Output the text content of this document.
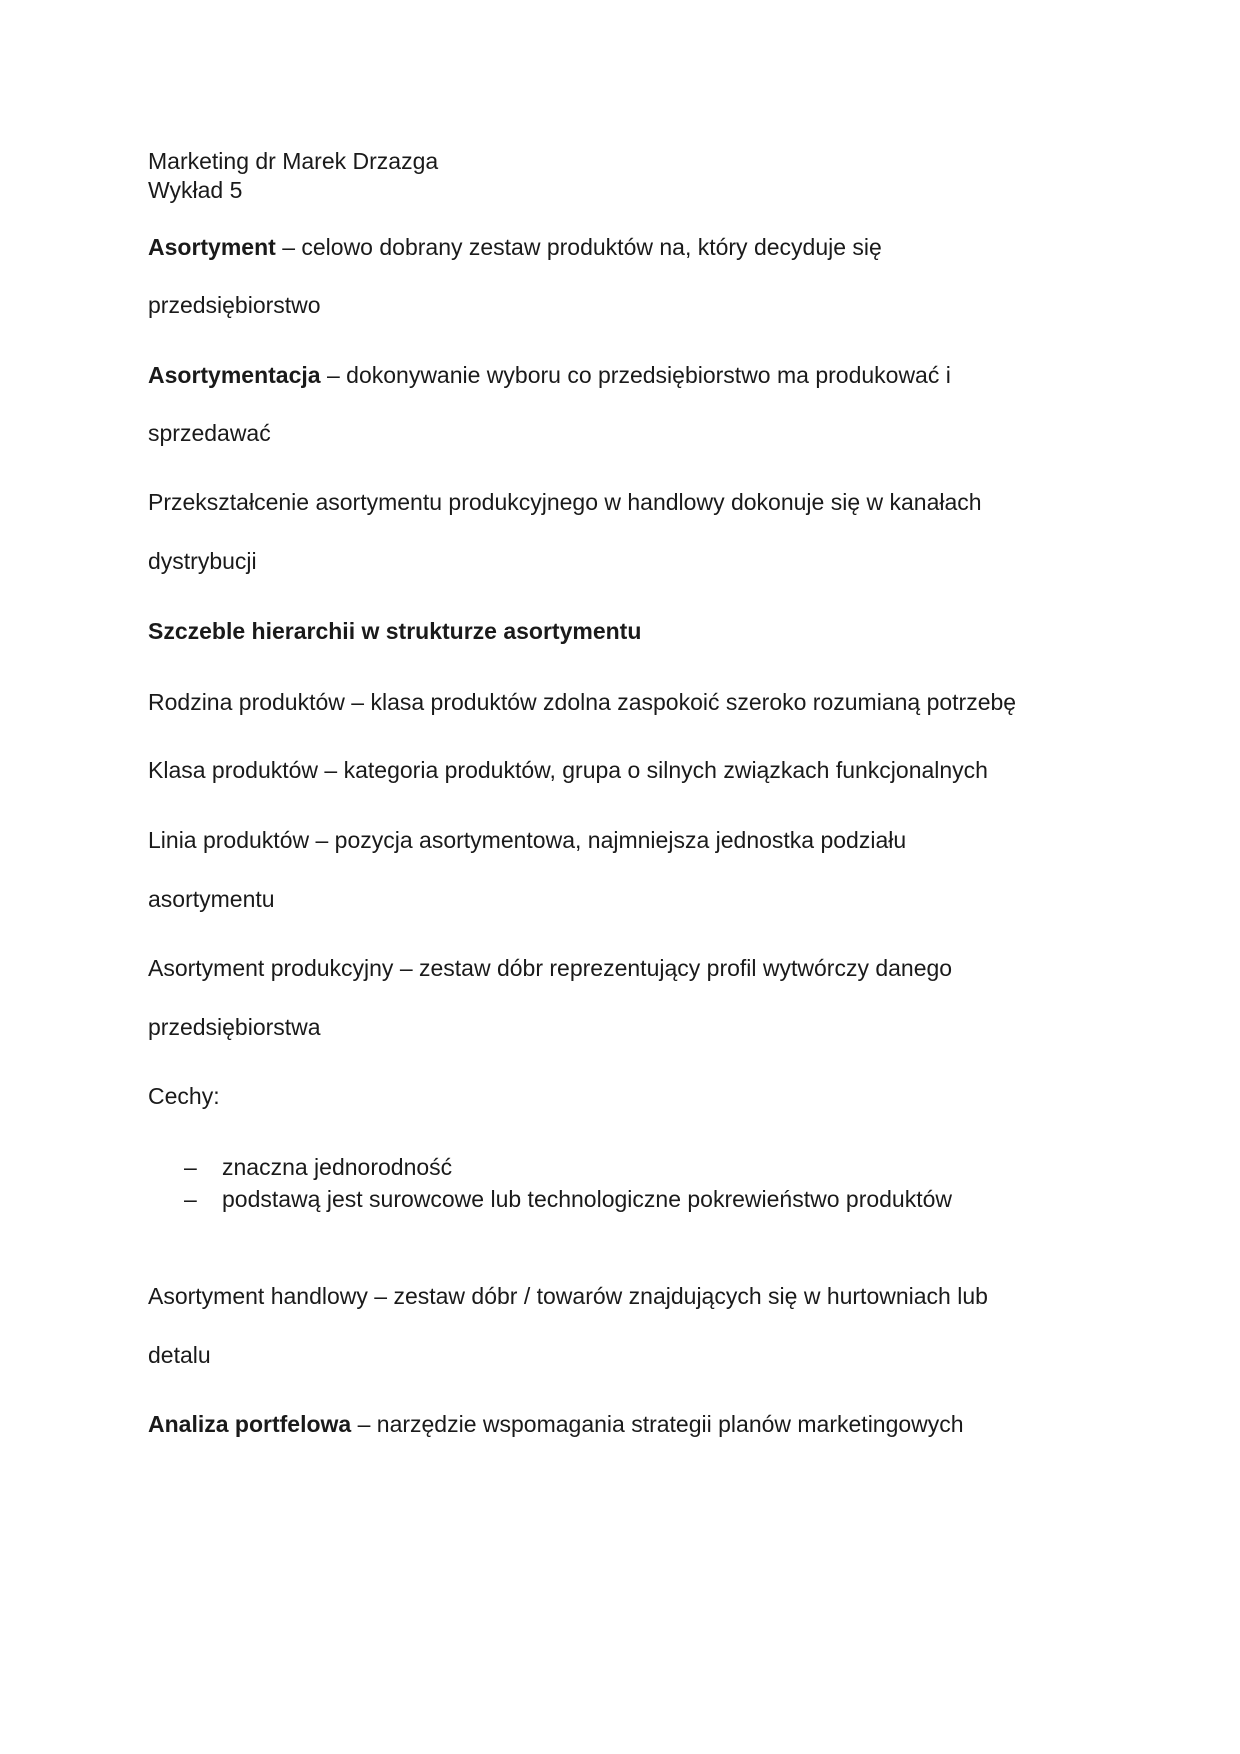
Marketing dr Marek Drzazga
Wykład 5
Asortyment – celowo dobrany zestaw produktów na, który decyduje się
przedsiębiorstwo
Asortymentacja – dokonywanie wyboru co przedsiębiorstwo ma produkować i
sprzedawać
Przekształcenie asortymentu produkcyjnego w handlowy dokonuje się w kanałach
dystrybucji
Szczeble hierarchii w strukturze asortymentu
Rodzina produktów – klasa produktów zdolna zaspokoić szeroko rozumianą potrzebę
Klasa produktów – kategoria produktów, grupa o silnych związkach funkcjonalnych
Linia produktów – pozycja asortymentowa, najmniejsza jednostka podziału
asortymentu
Asortyment produkcyjny – zestaw dóbr reprezentujący profil wytwórczy danego
przedsiębiorstwa
Cechy:
– znaczna jednorodność
– podstawą jest surowcowe lub technologiczne pokrewieństwo produktów
Asortyment handlowy – zestaw dóbr / towarów znajdujących się w hurtowniach lub
detalu
Analiza portfelowa – narzędzie wspomagania strategii planów marketingowych
